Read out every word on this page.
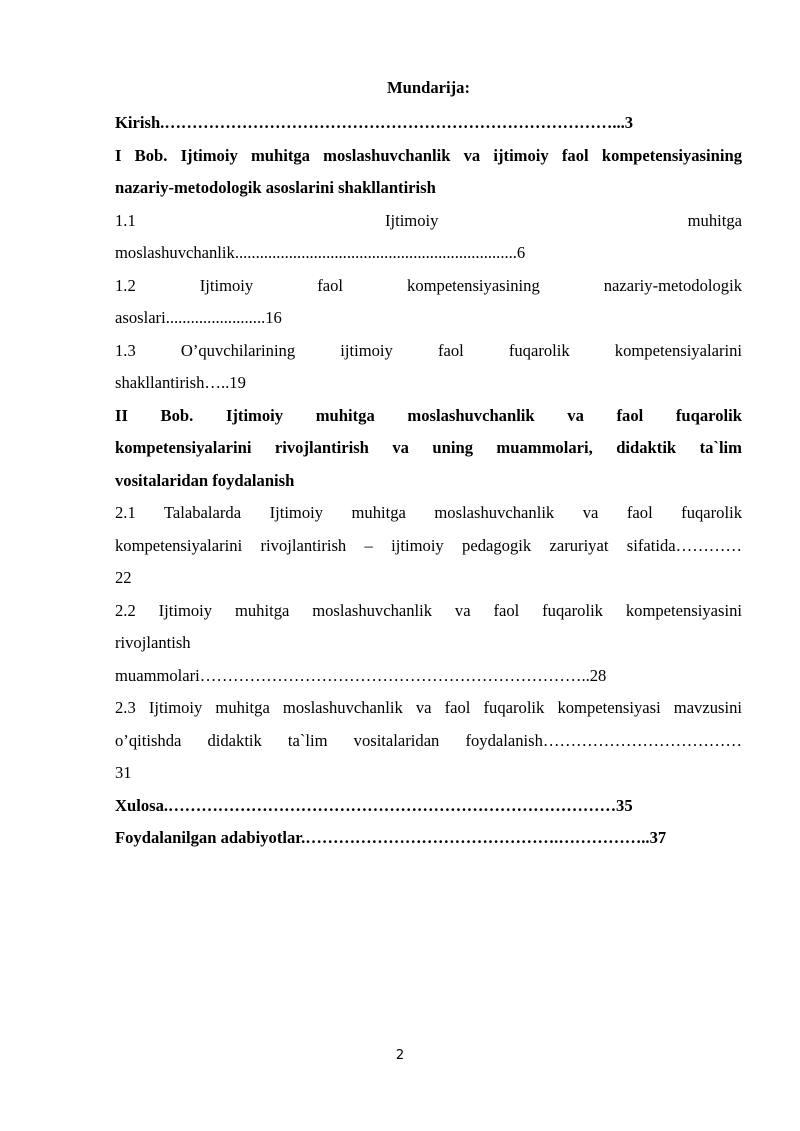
Mundarija:
Kirish.………………………………………………………………………...3
I Bob. Ijtimoiy muhitga moslashuvchanlik va ijtimoiy faol kompetensiyasining
nazariy-metodologik asoslarini shakllantirish
1.1 Ijtimoiy muhitga
moslashuvchanlik....................................................................6
1.2 Ijtimoiy faol kompetensiyasining nazariy-metodologik
asoslari........................16
1.3 O’quvchilarining ijtimoiy faol fuqarolik kompetensiyalarini
shakllantirish…..19
II Bob. Ijtimoiy muhitga moslashuvchanlik va faol fuqarolik
kompetensiyalarini rivojlantirish va uning muammolari, didaktik ta`lim
vositalaridan foydalanish
2.1 Talabalarda Ijtimoiy muhitga moslashuvchanlik va faol fuqarolik
kompetensiyalarini rivojlantirish – ijtimoiy pedagogik zaruriyat sifatida…………
22
2.2 Ijtimoiy muhitga moslashuvchanlik va faol fuqarolik kompetensiyasini
rivojlantish
muammolari……………………………………………………………..28
2.3 Ijtimoiy muhitga moslashuvchanlik va faol fuqarolik kompetensiyasi mavzusini
o’qitishda didaktik ta`lim vositalaridan foydalanish………………………………
31
Xulosa.………………………………………………………………………35
Foydalanilgan adabiyotlar.……………………………………….……………..37
2
